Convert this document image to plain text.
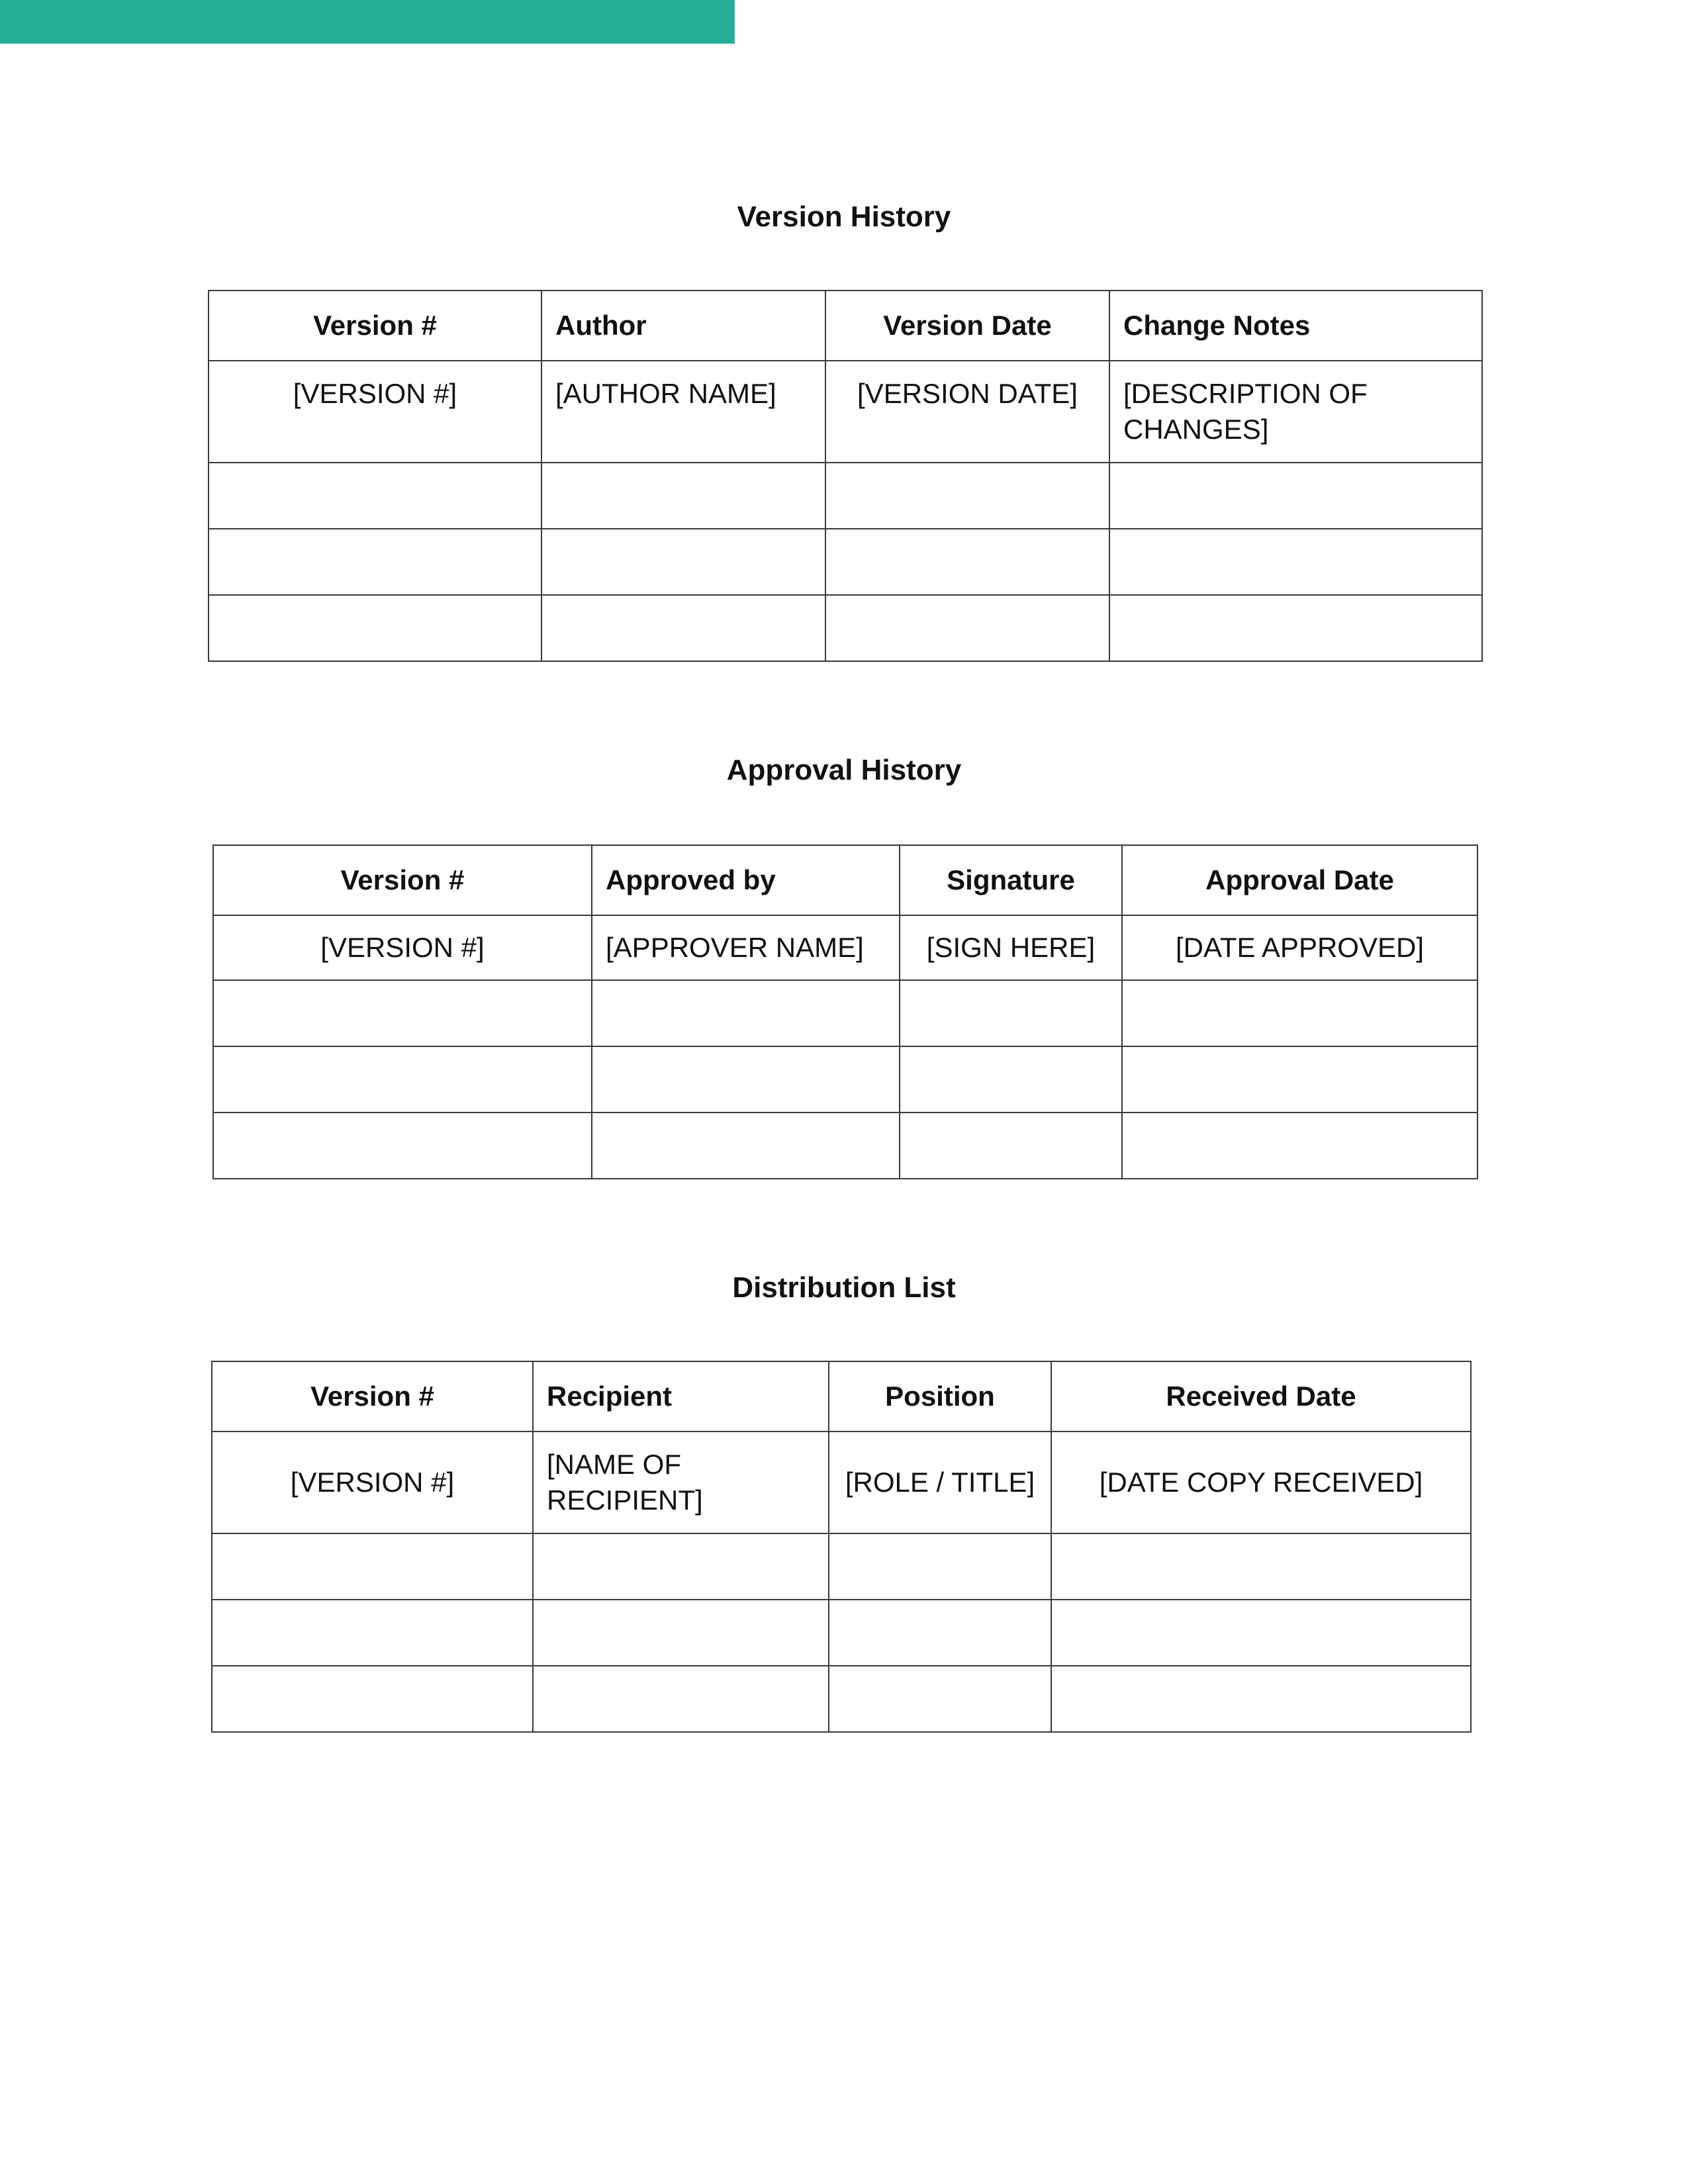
Version History
Version #	Author	Version Date	Change Notes
[VERSION #]	[AUTHOR NAME]	[VERSION DATE]	[DESCRIPTION OF CHANGES]

Approval History
Version #	Approved by	Signature	Approval Date
[VERSION #]	[APPROVER NAME]	[SIGN HERE]	[DATE APPROVED]

Distribution List
Version #	Recipient	Position	Received Date
[VERSION #]	[NAME OF RECIPIENT]	[ROLE / TITLE]	[DATE COPY RECEIVED]
